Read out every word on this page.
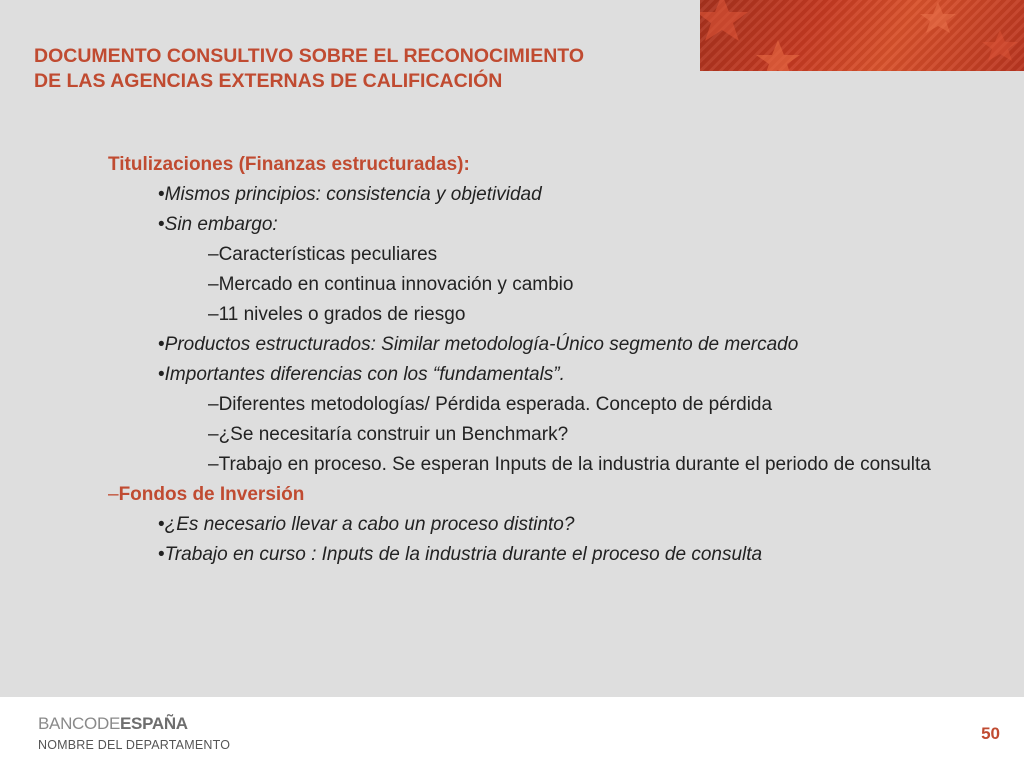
DOCUMENTO CONSULTIVO SOBRE EL RECONOCIMIENTO
DE LAS AGENCIAS EXTERNAS DE CALIFICACIÓN
Titulizaciones (Finanzas estructuradas):
•Mismos principios: consistencia y objetividad
•Sin embargo:
–Características peculiares
–Mercado en continua innovación y cambio
–11 niveles o grados de riesgo
•Productos estructurados: Similar metodología-Único segmento de mercado
•Importantes diferencias con los “fundamentals”.
–Diferentes metodologías/ Pérdida esperada. Concepto de pérdida
–¿Se necesitaría construir un Benchmark?
–Trabajo en proceso. Se esperan Inputs de la industria durante el periodo de consulta
–Fondos de Inversión
•¿Es necesario llevar a cabo un proceso distinto?
•Trabajo en curso : Inputs de la industria durante el proceso de consulta
BANCODEESPAÑA
NOMBRE DEL DEPARTAMENTO
50
